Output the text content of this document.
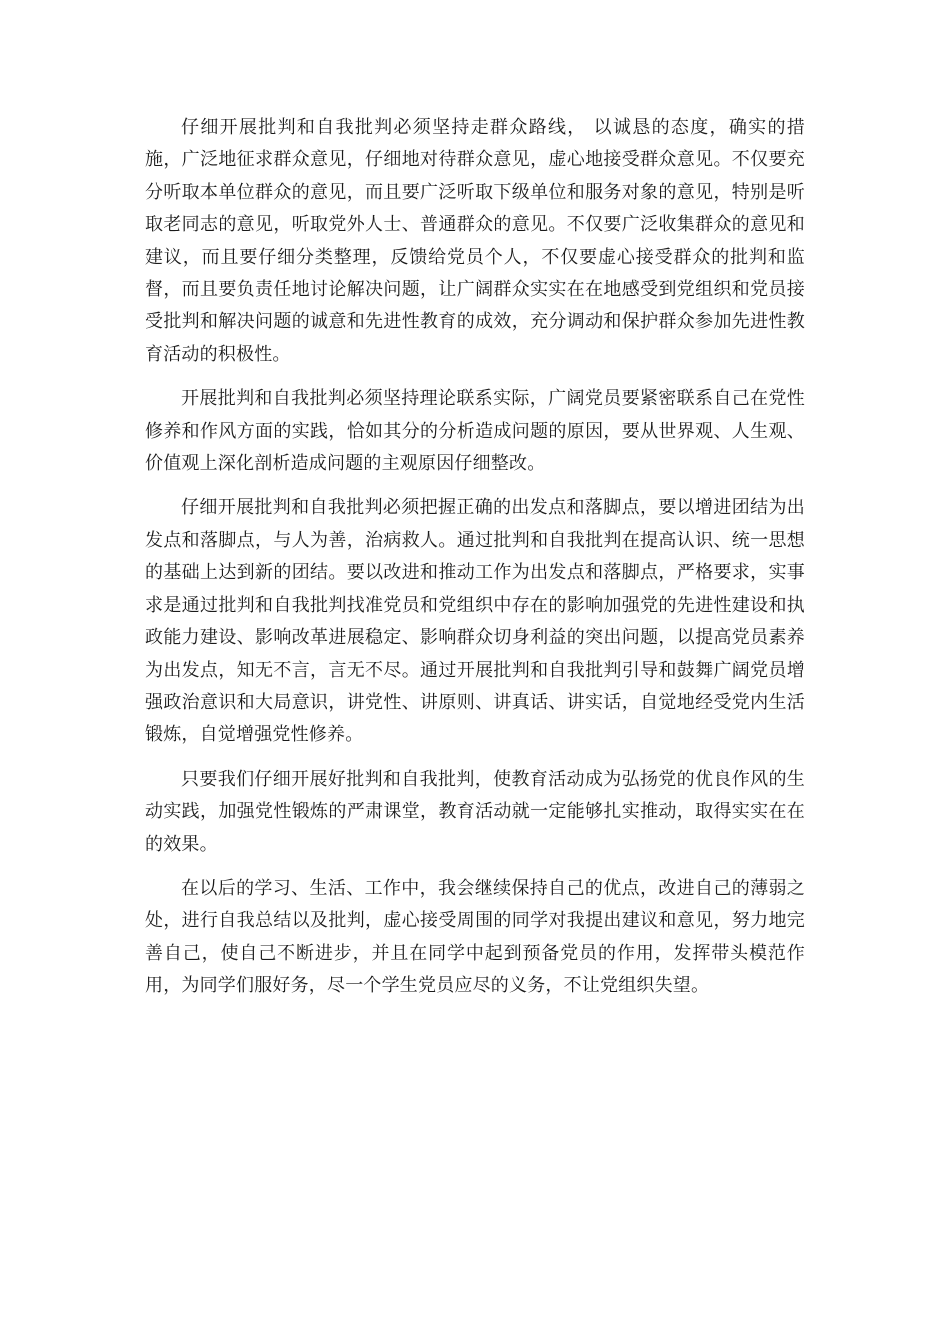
仔细开展批判和自我批判必须坚持走群众路线， 以诚恳的态度，确实的措施，广泛地征求群众意见，仔细地对待群众意见，虚心地接受群众意见。不仅要充分听取本单位群众的意见，而且要广泛听取下级单位和服务对象的意见，特别是听取老同志的意见，听取党外人士、普通群众的意见。不仅要广泛收集群众的意见和建议，而且要仔细分类整理，反馈给党员个人，不仅要虚心接受群众的批判和监督，而且要负责任地讨论解决问题，让广阔群众实实在在地感受到党组织和党员接受批判和解决问题的诚意和先进性教育的成效，充分调动和保护群众参加先进性教育活动的积极性。

开展批判和自我批判必须坚持理论联系实际，广阔党员要紧密联系自己在党性修养和作风方面的实践，恰如其分的分析造成问题的原因，要从世界观、人生观、价值观上深化剖析造成问题的主观原因仔细整改。

仔细开展批判和自我批判必须把握正确的出发点和落脚点，要以增进团结为出发点和落脚点，与人为善，治病救人。通过批判和自我批判在提高认识、统一思想的基础上达到新的团结。要以改进和推动工作为出发点和落脚点，严格要求，实事求是通过批判和自我批判找准党员和党组织中存在的影响加强党的先进性建设和执政能力建设、影响改革进展稳定、影响群众切身利益的突出问题，以提高党员素养为出发点，知无不言，言无不尽。通过开展批判和自我批判引导和鼓舞广阔党员增强政治意识和大局意识，讲党性、讲原则、讲真话、讲实话，自觉地经受党内生活锻炼，自觉增强党性修养。

只要我们仔细开展好批判和自我批判，使教育活动成为弘扬党的优良作风的生动实践，加强党性锻炼的严肃课堂，教育活动就一定能够扎实推动，取得实实在在的效果。

在以后的学习、生活、工作中，我会继续保持自己的优点，改进自己的薄弱之处，进行自我总结以及批判，虚心接受周围的同学对我提出建议和意见，努力地完善自己，使自己不断进步，并且在同学中起到预备党员的作用，发挥带头模范作用，为同学们服好务，尽一个学生党员应尽的义务，不让党组织失望。
